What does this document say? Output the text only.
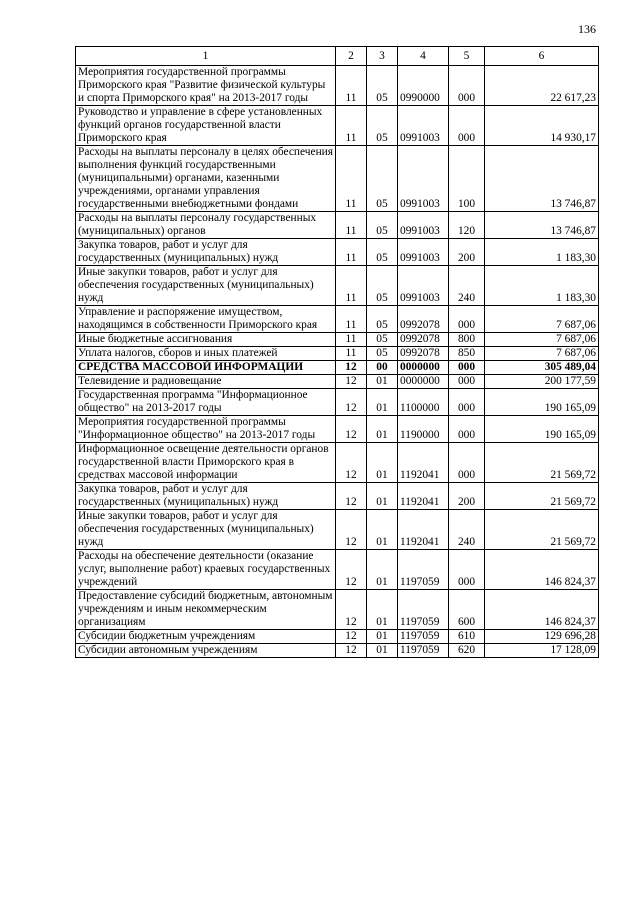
136
1	2	3	4	5	6
Мероприятия государственной программы Приморского края "Развитие физической культуры и спорта Приморского края" на 2013-2017 годы	11	05	0990000	000	22 617,23
Руководство и управление в сфере установленных функций органов государственной власти Приморского края	11	05	0991003	000	14 930,17
Расходы на выплаты персоналу в целях обеспечения выполнения функций государственными (муниципальными) органами, казенными учреждениями, органами управления государственными внебюджетными фондами	11	05	0991003	100	13 746,87
Расходы на выплаты персоналу государственных (муниципальных) органов	11	05	0991003	120	13 746,87
Закупка товаров, работ и услуг для государственных (муниципальных) нужд	11	05	0991003	200	1 183,30
Иные закупки товаров, работ и услуг для обеспечения государственных (муниципальных) нужд	11	05	0991003	240	1 183,30
Управление и распоряжение имуществом, находящимся в собственности Приморского края	11	05	0992078	000	7 687,06
Иные бюджетные ассигнования	11	05	0992078	800	7 687,06
Уплата налогов, сборов и иных платежей	11	05	0992078	850	7 687,06
СРЕДСТВА МАССОВОЙ ИНФОРМАЦИИ	12	00	0000000	000	305 489,04
Телевидение и радиовещание	12	01	0000000	000	200 177,59
Государственная программа "Информационное общество" на 2013-2017 годы	12	01	1100000	000	190 165,09
Мероприятия государственной программы "Информационное общество" на 2013-2017 годы	12	01	1190000	000	190 165,09
Информационное освещение деятельности органов государственной власти Приморского края в средствах массовой информации	12	01	1192041	000	21 569,72
Закупка товаров, работ и услуг для государственных (муниципальных) нужд	12	01	1192041	200	21 569,72
Иные закупки товаров, работ и услуг для обеспечения государственных (муниципальных) нужд	12	01	1192041	240	21 569,72
Расходы на обеспечение деятельности (оказание услуг, выполнение работ) краевых государственных учреждений	12	01	1197059	000	146 824,37
Предоставление субсидий бюджетным, автономным учреждениям и иным некоммерческим организациям	12	01	1197059	600	146 824,37
Субсидии бюджетным учреждениям	12	01	1197059	610	129 696,28
Субсидии автономным учреждениям	12	01	1197059	620	17 128,09
